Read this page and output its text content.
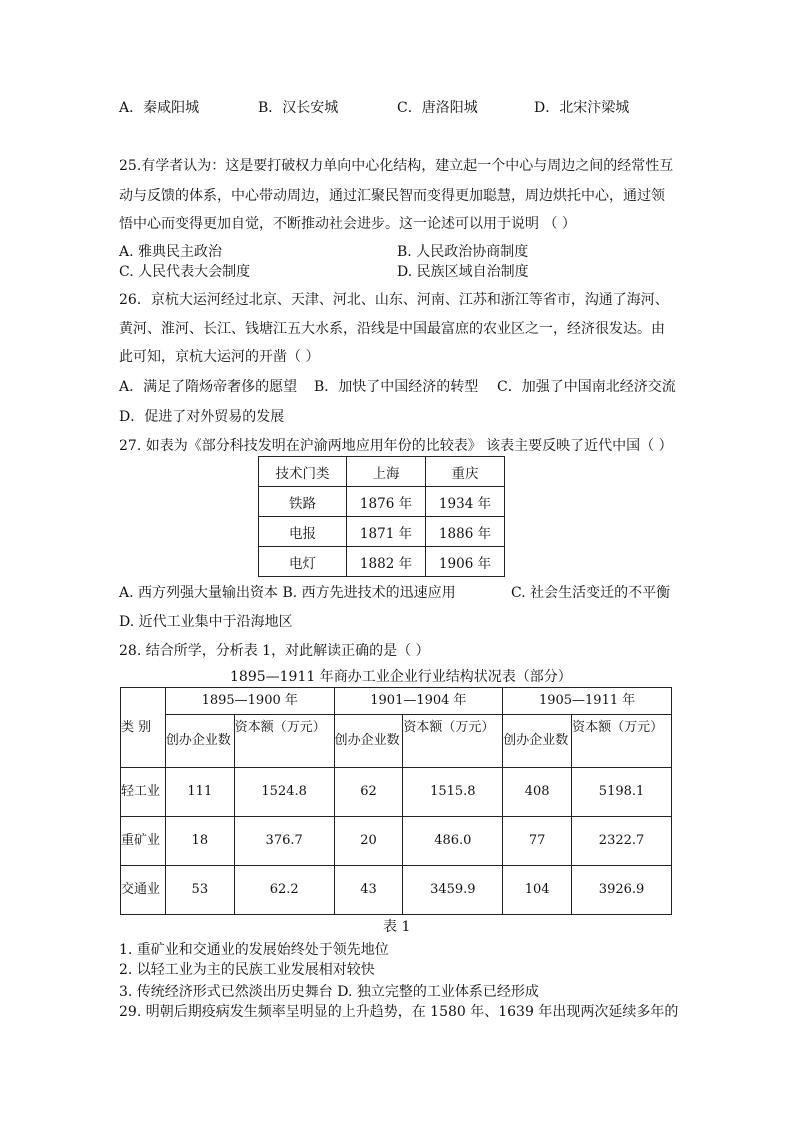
A．秦咸阳城	B．汉长安城	C．唐洛阳城	D．北宋汴梁城
25.有学者认为：这是要打破权力单向中心化结构，建立起一个中心与周边之间的经常性互
动与反馈的体系，中心带动周边，通过汇聚民智而变得更加聪慧，周边烘托中心，通过领
悟中心而变得更加自觉，不断推动社会进步。这一论述可以用于说明 （ ）
A. 雅典民主政治	B. 人民政治协商制度
C. 人民代表大会制度	D. 民族区域自治制度
26．京杭大运河经过北京、天津、河北、山东、河南、江苏和浙江等省市，沟通了海河、
黄河、淮河、长江、钱塘江五大水系，沿线是中国最富庶的农业区之一，经济很发达。由
此可知，京杭大运河的开凿（ ）
A．满足了隋炀帝奢侈的愿望 B．加快了中国经济的转型 C．加强了中国南北经济交流
D．促进了对外贸易的发展
27. 如表为《部分科技发明在沪渝两地应用年份的比较表》 该表主要反映了近代中国（ ）
技术门类	上海	重庆
铁路	1876 年	1934 年
电报	1871 年	1886 年
电灯	1882 年	1906 年
A. 西方列强大量输出资本 B. 西方先进技术的迅速应用	C. 社会生活变迁的不平衡
D. 近代工业集中于沿海地区
28. 结合所学，分析表 1，对此解读正确的是（ ）
1895—1911 年商办工业企业行业结构状况表（部分）
类 别	1895—1900 年		1901—1904 年		1905—1911 年	
	创办企业数	资本额（万元）	创办企业数	资本额（万元）	创办企业数	资本额（万元）
轻工业	111	1524.8	62	1515.8	408	5198.1
重矿业	18	376.7	20	486.0	77	2322.7
交通业	53	62.2	43	3459.9	104	3926.9
表 1
1. 重矿业和交通业的发展始终处于领先地位
2. 以轻工业为主的民族工业发展相对较快
3. 传统经济形式已然淡出历史舞台 D. 独立完整的工业体系已经形成
29. 明朝后期疫病发生频率呈明显的上升趋势，在 1580 年、1639 年出现两次延续多年的
